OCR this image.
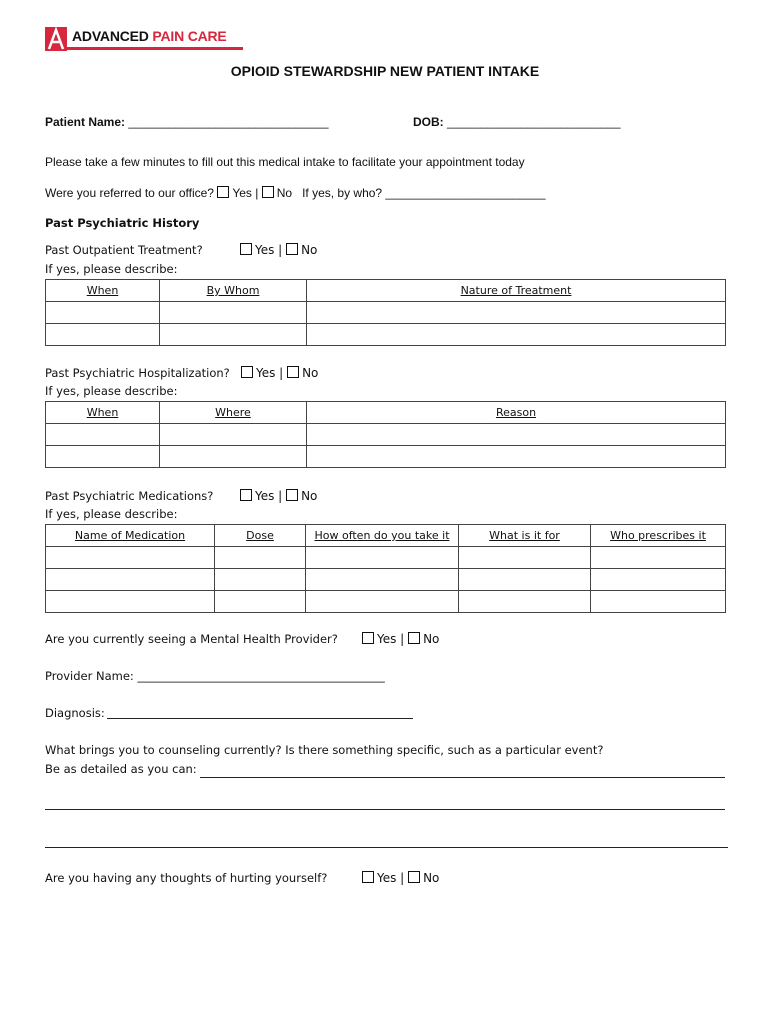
ADVANCED PAIN CARE
OPIOID STEWARDSHIP NEW PATIENT INTAKE
Patient Name: ______________________________	DOB: __________________________
Please take a few minutes to fill out this medical intake to facilitate your appointment today
Were you referred to our office? Yes | No If yes, by who? ________________________
Past Psychiatric History
Past Outpatient Treatment?	Yes | No
If yes, please describe:
When	By Whom	Nature of Treatment

Past Psychiatric Hospitalization?	Yes | No
If yes, please describe:
When	Where	Reason

Past Psychiatric Medications?	Yes | No
If yes, please describe:
Name of Medication	Dose	How often do you take it	What is it for	Who prescribes it

Are you currently seeing a Mental Health Provider?	Yes | No
Provider Name: ___________________________________________
Diagnosis:
What brings you to counseling currently? Is there something specific, such as a particular event?
Be as detailed as you can:
Are you having any thoughts of hurting yourself?	Yes | No
